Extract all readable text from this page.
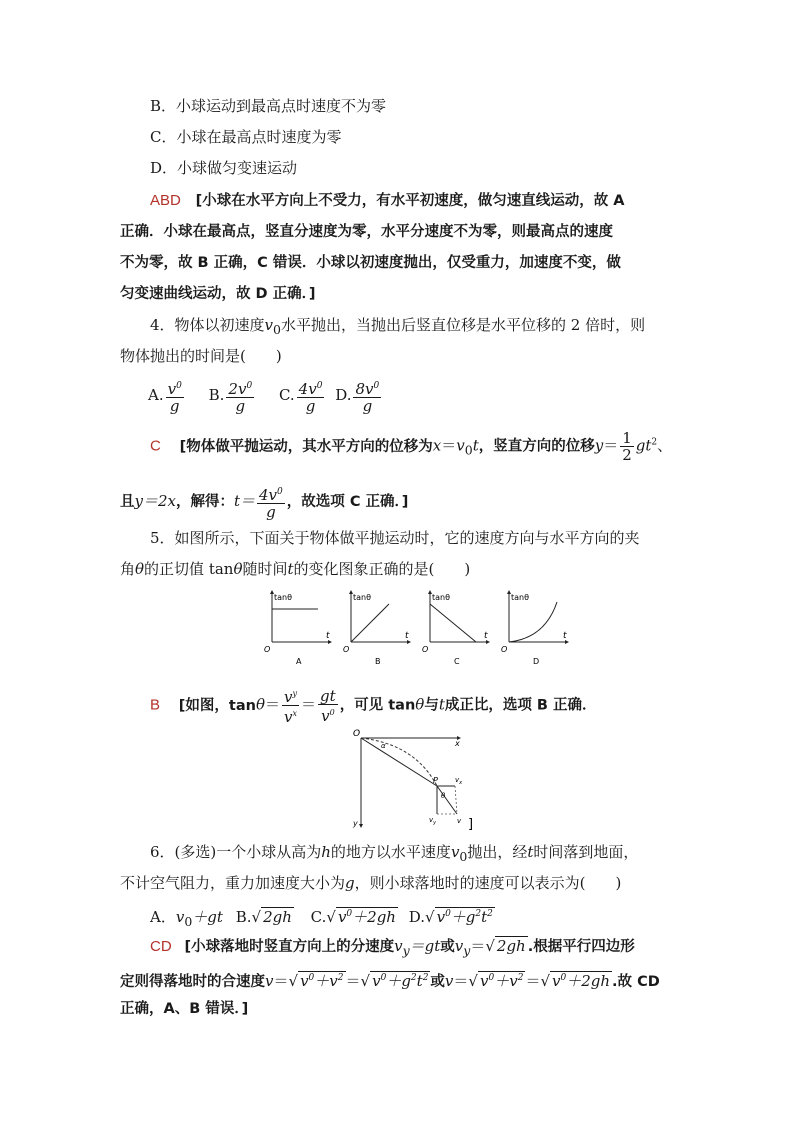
B．小球运动到最高点时速度不为零
C．小球在最高点时速度为零
D．小球做匀变速运动
ABD [小球在水平方向上不受力，有水平初速度，做匀速直线运动，故 A
正确．小球在最高点，竖直分速度为零，水平分速度不为零，则最高点的速度
不为零，故 B 正确，C 错误．小球以初速度抛出，仅受重力，加速度不变，做
匀变速曲线运动，故 D 正确．]
4．物体以初速度$v_0$水平抛出，当抛出后竖直位移是水平位移的 2 倍时，则
物体抛出的时间是(　　)
A. $\frac{v^0}{g} B$. $\frac{2v^0}{g} C$. $\frac{4v^0}{g} D$. $\frac{8v^0}{g}$
C [物体做平抛运动，其水平方向的位移为$x=v_0t$，竖直方向的位移$y= \frac{1}{2} gt^2$、
且y＝2x，解得：$t= \frac{4v^0}{g}$ ，故选项 C 正确．]
5．如图所示，下面关于物体做平抛运动时，它的速度方向与水平方向的夹
角θ的正切值 tanθ随时间t的变化图象正确的是(　　)
tanθ
t
O
A
tanθ
t
O
B
tanθ
t
O
C
tanθ
t
O
D
B [如图，$\tan\theta= \frac{v^y}{v^x} = \frac{gt}{v^0}$ ，可见 tanθ与t成正比，选项 B 正确．
O
x
y
P
α
θ
$v_x$
$v_y$	v ]
6．(多选)一个小球从高为h的地方以水平速度$v_0$抛出，经t时间落到地面，
不计空气阻力，重力加速度大小为g，则小球落地时的速度可以表示为(　　)
A．$v_0+gt$ B.√ 2gh C.√ $v^0+2gh$ D.√ $v^0+g^2t^2$
CD [小球落地时竖直方向上的分速度$v_y=gt$或$v_y=√$ 2gh .根据平行四边形
定则得落地时的合速度v＝√ $v^0+v^2$ ＝√ $v^0+g^2t^2$ 或v＝√ $v^0+v^2$ ＝√ $v^0+2gh$ .故 CD
正确，A、B 错误．]
